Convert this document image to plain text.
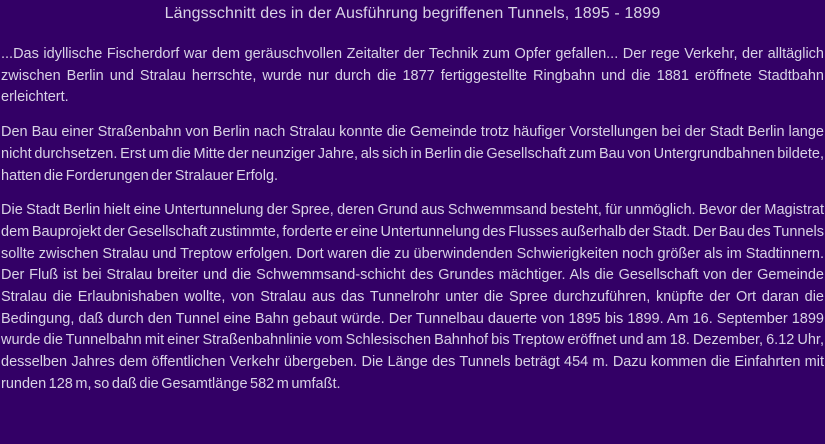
Längsschnitt des in der Ausführung begriffenen Tunnels, 1895 - 1899

...Das idyllische Fischerdorf war dem geräuschvollen Zeitalter der Technik zum Opfer gefallen... Der rege Verkehr, der alltäglich zwischen Berlin und Stralau herrschte, wurde nur durch die 1877 fertiggestellte Ringbahn und die 1881 eröffnete Stadtbahn erleichtert.

Den Bau einer Straßenbahn von Berlin nach Stralau konnte die Gemeinde trotz häufiger Vorstellungen bei der Stadt Berlin lange nicht durchsetzen. Erst um die Mitte der neunziger Jahre, als sich in Berlin die Gesellschaft zum Bau von Untergrundbahnen bildete, hatten die Forderungen der Stralauer Erfolg.

Die Stadt Berlin hielt eine Untertunnelung der Spree, deren Grund aus Schwemmsand besteht, für unmöglich. Bevor der Magistrat dem Bauprojekt der Gesellschaft zustimmte, forderte er eine Untertunnelung des Flusses außerhalb der Stadt. Der Bau des Tunnels sollte zwischen Stralau und Treptow erfolgen. Dort waren die zu überwindenden Schwierigkeiten noch größer als im Stadtinnern. Der Fluß ist bei Stralau breiter und die Schwemmsand-schicht des Grundes mächtiger. Als die Gesellschaft von der Gemeinde Stralau die Erlaubnishaben wollte, von Stralau aus das Tunnelrohr unter die Spree durchzuführen, knüpfte der Ort daran die Bedingung, daß durch den Tunnel eine Bahn gebaut würde. Der Tunnelbau dauerte von 1895 bis 1899. Am 16. September 1899 wurde die Tunnelbahn mit einer Straßenbahnlinie vom Schlesischen Bahnhof bis Treptow eröffnet und am 18. Dezember, 6.12 Uhr, desselben Jahres dem öffentlichen Verkehr übergeben. Die Länge des Tunnels beträgt 454 m. Dazu kommen die Einfahrten mit runden 128 m, so daß die Gesamtlänge 582 m umfaßt.
